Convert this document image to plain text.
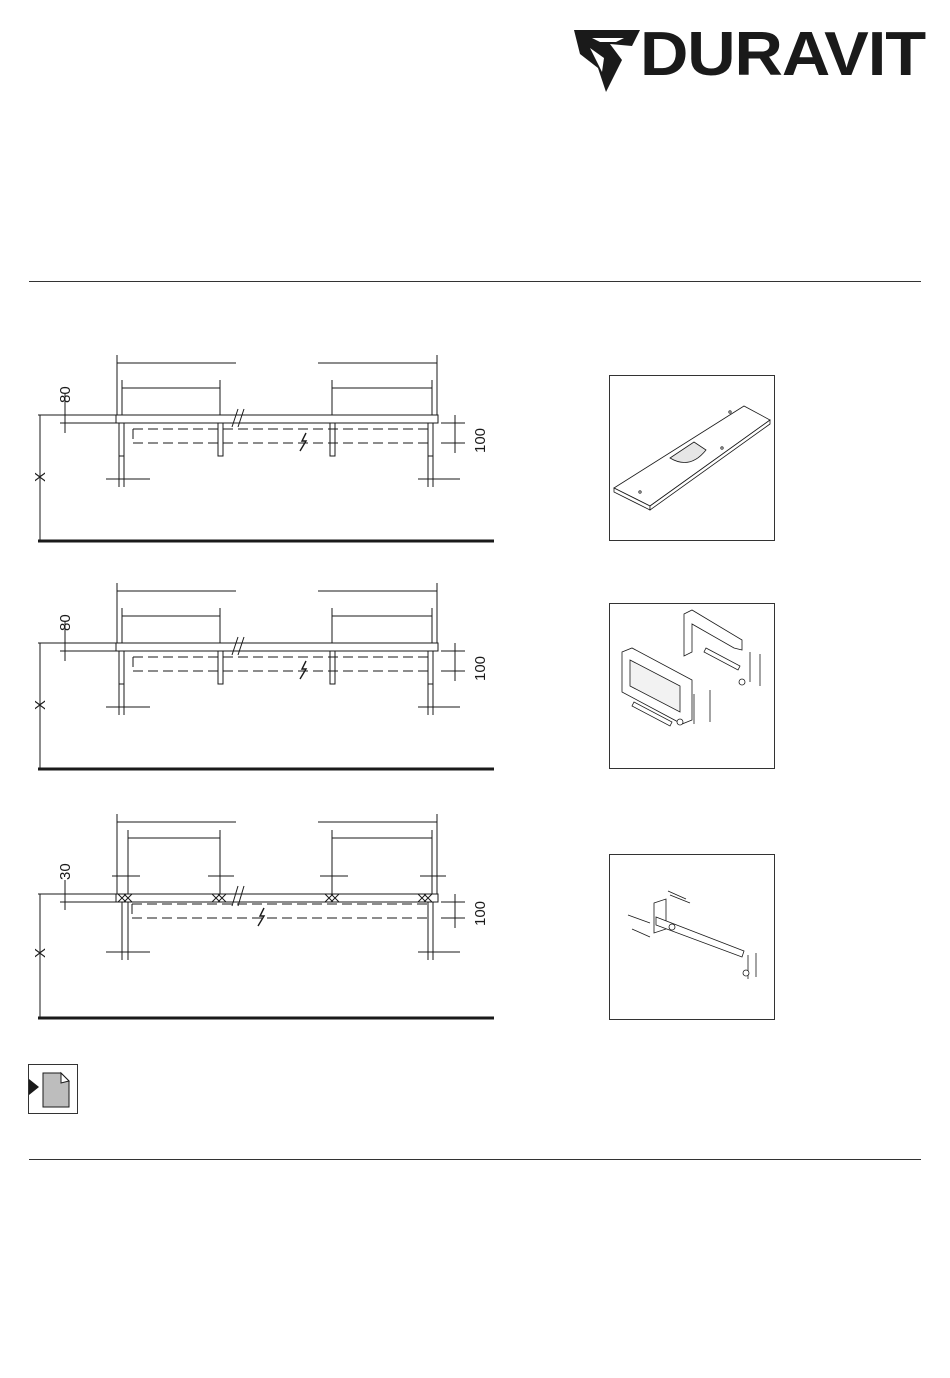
DURAVIT
80
100
X
80
100
X
30
100
X
